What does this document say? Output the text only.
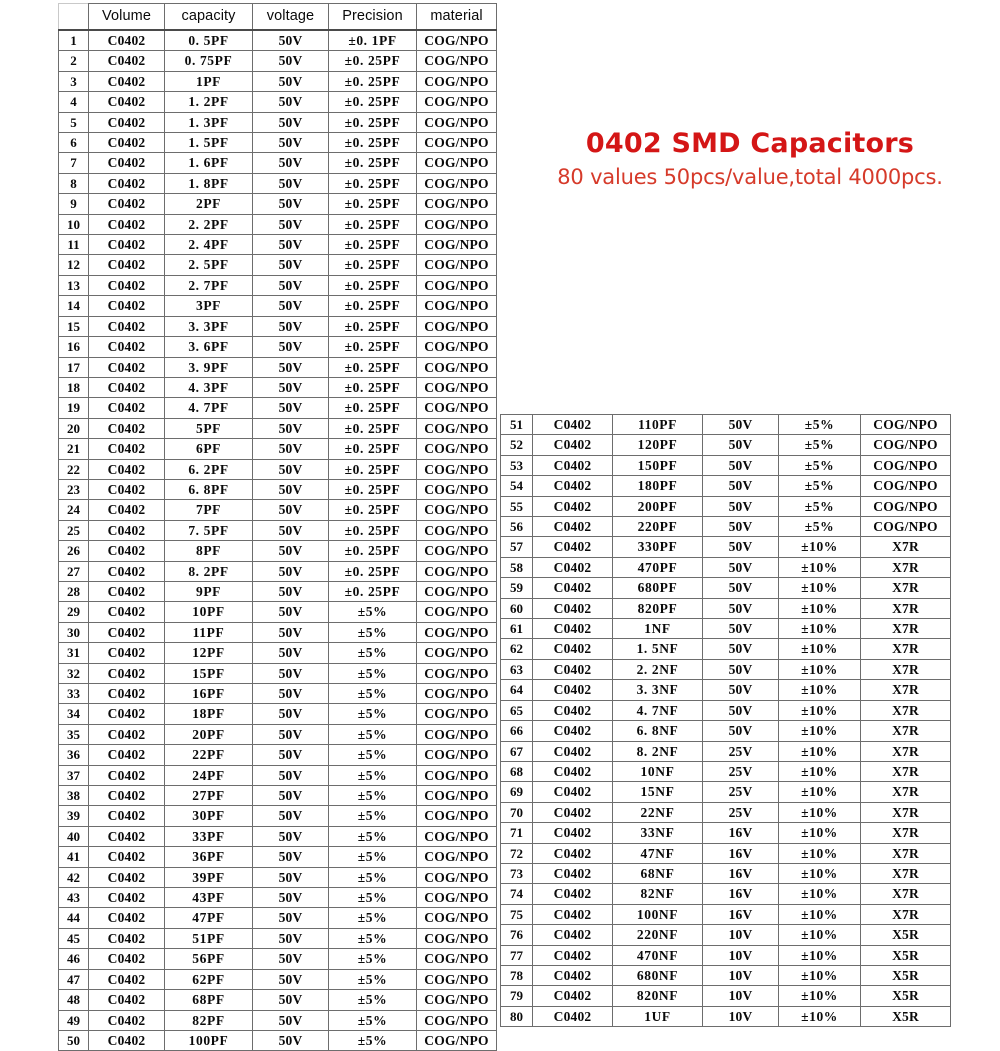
	Volume	capacity	voltage	Precision	material
1	C0402	0. 5PF	50V	±0. 1PF	COG/NPO
2	C0402	0. 75PF	50V	±0. 25PF	COG/NPO
3	C0402	1PF	50V	±0. 25PF	COG/NPO
4	C0402	1. 2PF	50V	±0. 25PF	COG/NPO
5	C0402	1. 3PF	50V	±0. 25PF	COG/NPO
6	C0402	1. 5PF	50V	±0. 25PF	COG/NPO
7	C0402	1. 6PF	50V	±0. 25PF	COG/NPO
8	C0402	1. 8PF	50V	±0. 25PF	COG/NPO
9	C0402	2PF	50V	±0. 25PF	COG/NPO
10	C0402	2. 2PF	50V	±0. 25PF	COG/NPO
11	C0402	2. 4PF	50V	±0. 25PF	COG/NPO
12	C0402	2. 5PF	50V	±0. 25PF	COG/NPO
13	C0402	2. 7PF	50V	±0. 25PF	COG/NPO
14	C0402	3PF	50V	±0. 25PF	COG/NPO
15	C0402	3. 3PF	50V	±0. 25PF	COG/NPO
16	C0402	3. 6PF	50V	±0. 25PF	COG/NPO
17	C0402	3. 9PF	50V	±0. 25PF	COG/NPO
18	C0402	4. 3PF	50V	±0. 25PF	COG/NPO
19	C0402	4. 7PF	50V	±0. 25PF	COG/NPO
20	C0402	5PF	50V	±0. 25PF	COG/NPO
21	C0402	6PF	50V	±0. 25PF	COG/NPO
22	C0402	6. 2PF	50V	±0. 25PF	COG/NPO
23	C0402	6. 8PF	50V	±0. 25PF	COG/NPO
24	C0402	7PF	50V	±0. 25PF	COG/NPO
25	C0402	7. 5PF	50V	±0. 25PF	COG/NPO
26	C0402	8PF	50V	±0. 25PF	COG/NPO
27	C0402	8. 2PF	50V	±0. 25PF	COG/NPO
28	C0402	9PF	50V	±0. 25PF	COG/NPO
29	C0402	10PF	50V	±5%	COG/NPO
30	C0402	11PF	50V	±5%	COG/NPO
31	C0402	12PF	50V	±5%	COG/NPO
32	C0402	15PF	50V	±5%	COG/NPO
33	C0402	16PF	50V	±5%	COG/NPO
34	C0402	18PF	50V	±5%	COG/NPO
35	C0402	20PF	50V	±5%	COG/NPO
36	C0402	22PF	50V	±5%	COG/NPO
37	C0402	24PF	50V	±5%	COG/NPO
38	C0402	27PF	50V	±5%	COG/NPO
39	C0402	30PF	50V	±5%	COG/NPO
40	C0402	33PF	50V	±5%	COG/NPO
41	C0402	36PF	50V	±5%	COG/NPO
42	C0402	39PF	50V	±5%	COG/NPO
43	C0402	43PF	50V	±5%	COG/NPO
44	C0402	47PF	50V	±5%	COG/NPO
45	C0402	51PF	50V	±5%	COG/NPO
46	C0402	56PF	50V	±5%	COG/NPO
47	C0402	62PF	50V	±5%	COG/NPO
48	C0402	68PF	50V	±5%	COG/NPO
49	C0402	82PF	50V	±5%	COG/NPO
50	C0402	100PF	50V	±5%	COG/NPO
51	C0402	110PF	50V	±5%	COG/NPO
52	C0402	120PF	50V	±5%	COG/NPO
53	C0402	150PF	50V	±5%	COG/NPO
54	C0402	180PF	50V	±5%	COG/NPO
55	C0402	200PF	50V	±5%	COG/NPO
56	C0402	220PF	50V	±5%	COG/NPO
57	C0402	330PF	50V	±10%	X7R
58	C0402	470PF	50V	±10%	X7R
59	C0402	680PF	50V	±10%	X7R
60	C0402	820PF	50V	±10%	X7R
61	C0402	1NF	50V	±10%	X7R
62	C0402	1. 5NF	50V	±10%	X7R
63	C0402	2. 2NF	50V	±10%	X7R
64	C0402	3. 3NF	50V	±10%	X7R
65	C0402	4. 7NF	50V	±10%	X7R
66	C0402	6. 8NF	50V	±10%	X7R
67	C0402	8. 2NF	25V	±10%	X7R
68	C0402	10NF	25V	±10%	X7R
69	C0402	15NF	25V	±10%	X7R
70	C0402	22NF	25V	±10%	X7R
71	C0402	33NF	16V	±10%	X7R
72	C0402	47NF	16V	±10%	X7R
73	C0402	68NF	16V	±10%	X7R
74	C0402	82NF	16V	±10%	X7R
75	C0402	100NF	16V	±10%	X7R
76	C0402	220NF	10V	±10%	X5R
77	C0402	470NF	10V	±10%	X5R
78	C0402	680NF	10V	±10%	X5R
79	C0402	820NF	10V	±10%	X5R
80	C0402	1UF	10V	±10%	X5R
0402 SMD Capacitors
80 values 50pcs/value,total 4000pcs.
